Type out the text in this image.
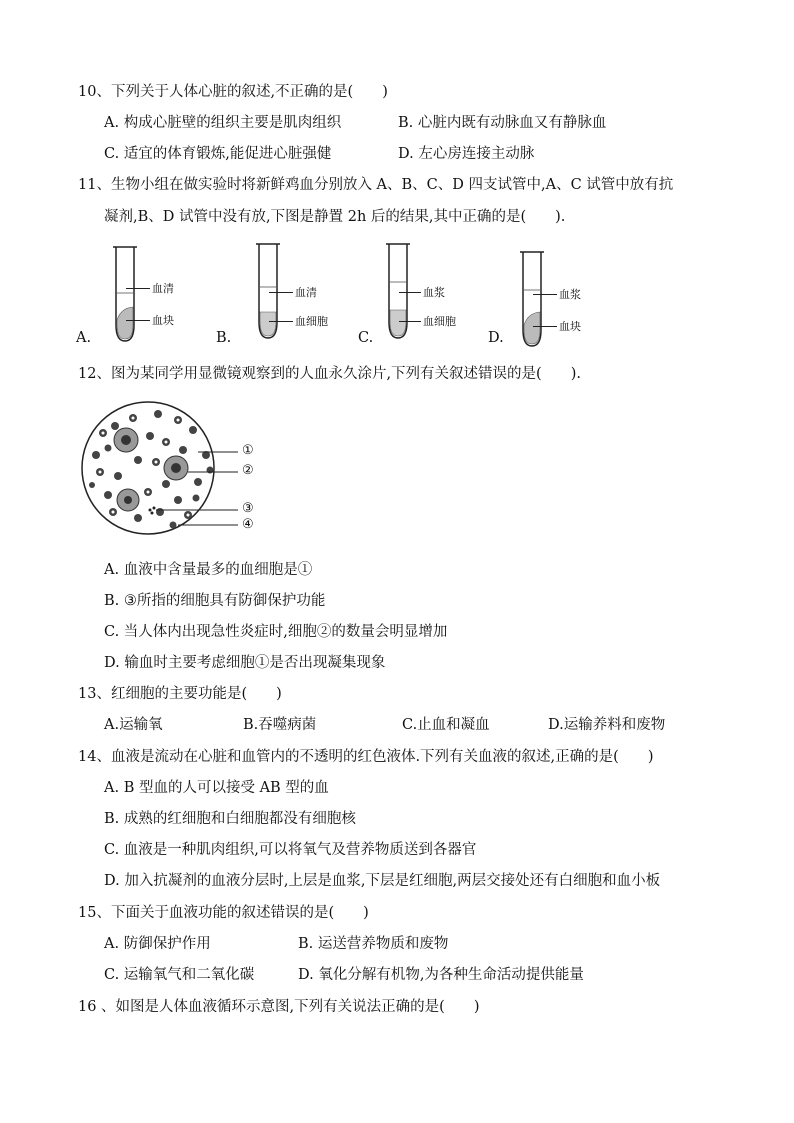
10、下列关于人体心脏的叙述,不正确的是(　　)
A. 构成心脏壁的组织主要是肌肉组织	B. 心脏内既有动脉血又有静脉血
C. 适宜的体育锻炼,能促进心脏强健	D. 左心房连接主动脉
11、生物小组在做实验时将新鲜鸡血分别放入 A、B、C、D 四支试管中,A、C 试管中放有抗
凝剂,B、D 试管中没有放,下图是静置 2h 后的结果,其中正确的是(　　).
血清
血块
A.
血清
血细胞
B.
血浆
血细胞
C.
血浆
血块
D.
12、图为某同学用显微镜观察到的人血永久涂片,下列有关叙述错误的是(　　).
①
②
③
④
A. 血液中含量最多的血细胞是①
B. ③所指的细胞具有防御保护功能
C. 当人体内出现急性炎症时,细胞②的数量会明显增加
D. 输血时主要考虑细胞①是否出现凝集现象
13、红细胞的主要功能是(　　)
A.运输氧	B.吞噬病菌	C.止血和凝血	D.运输养料和废物
14、血液是流动在心脏和血管内的不透明的红色液体.下列有关血液的叙述,正确的是(　　)
A. B 型血的人可以接受 AB 型的血
B. 成熟的红细胞和白细胞都没有细胞核
C. 血液是一种肌肉组织,可以将氧气及营养物质送到各器官
D. 加入抗凝剂的血液分层时,上层是血浆,下层是红细胞,两层交接处还有白细胞和血小板
15、下面关于血液功能的叙述错误的是(　　)
A. 防御保护作用	B. 运送营养物质和废物
C. 运输氧气和二氧化碳	D. 氧化分解有机物,为各种生命活动提供能量
16 、如图是人体血液循环示意图,下列有关说法正确的是(　　)
